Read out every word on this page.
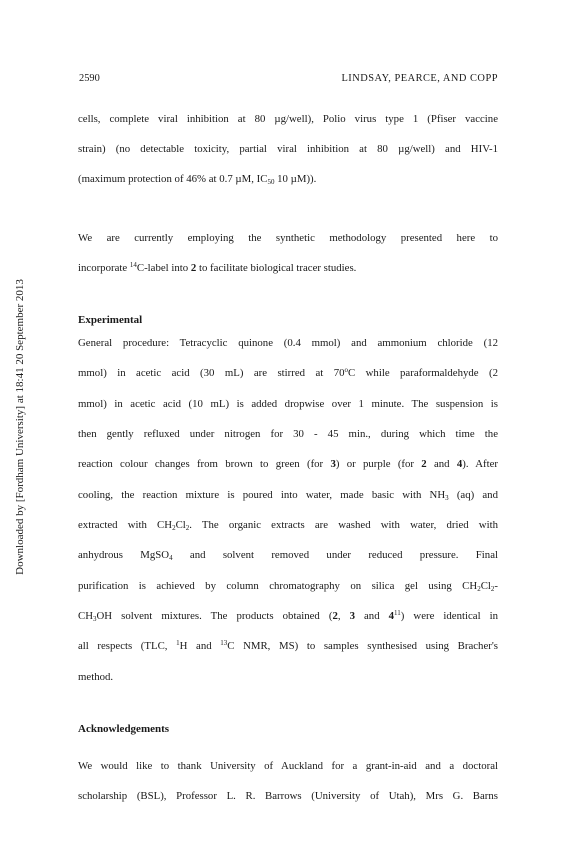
Downloaded by [Fordham University] at 18:41 20 September 2013
2590	LINDSAY, PEARCE, AND COPP
cells, complete viral inhibition at 80 µg/well), Polio virus type 1 (Pfiser vaccine
strain) (no detectable toxicity, partial viral inhibition at 80 µg/well) and HIV-1
(maximum protection of 46% at 0.7 µM, $IC_{50}$ 10 µM)).
We are currently employing the synthetic methodology presented here to
incorporate $^{14}$C-label into 2 to facilitate biological tracer studies.
Experimental
General procedure: Tetracyclic quinone (0.4 mmol) and ammonium chloride (12
mmol) in acetic acid (30 mL) are stirred at 70$^o$C while paraformaldehyde (2
mmol) in acetic acid (10 mL) is added dropwise over 1 minute. The suspension is
then gently refluxed under nitrogen for 30 - 45 min., during which time the
reaction colour changes from brown to green (for 3) or purple (for 2 and 4). After
cooling, the reaction mixture is poured into water, made basic with $NH_3$ (aq) and
extracted with $CH_2Cl_2$. The organic extracts are washed with water, dried with
anhydrous MgSO$_4$ and solvent removed under reduced pressure. Final
purification is achieved by column chromatography on silica gel using $CH_2Cl_2-$
$CH_3OH$ solvent mixtures. The products obtained (2, 3 and $4^{11}$) were identical in
all respects (TLC, $^1$H and $^{13}$C NMR, MS) to samples synthesised using Bracher's
method.
Acknowledgements
We would like to thank University of Auckland for a grant-in-aid and a doctoral
scholarship (BSL), Professor L. R. Barrows (University of Utah), Mrs G. Barns
